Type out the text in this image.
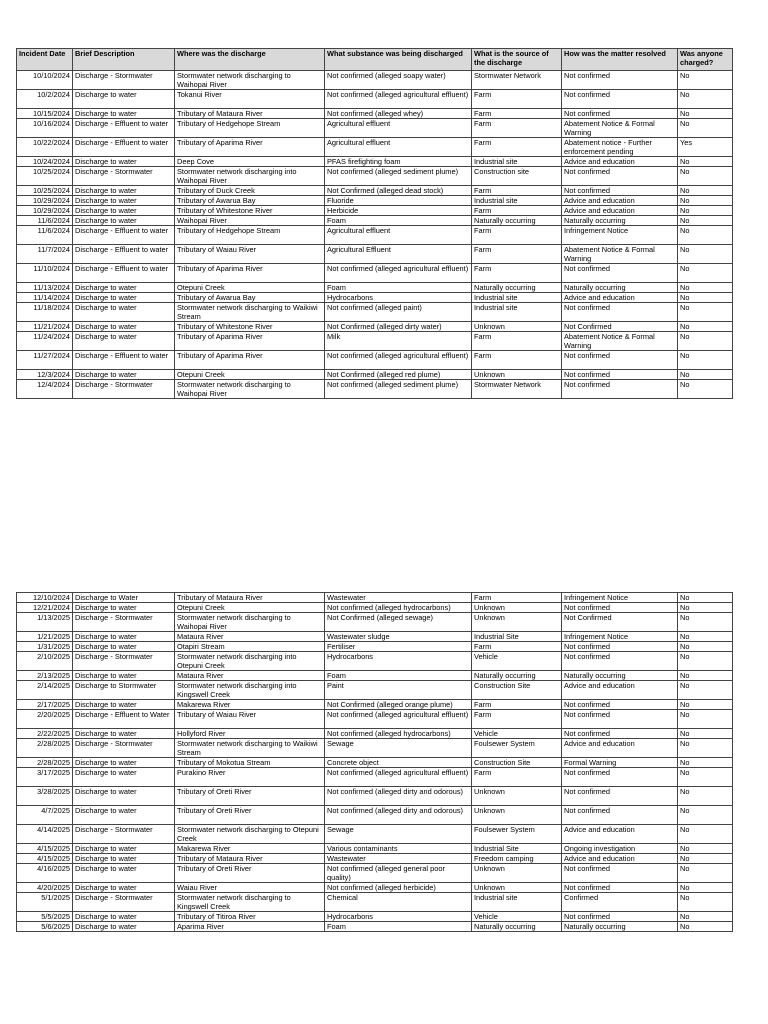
Incident Date	Brief Description	Where was the discharge	What substance was being discharged	What is the source of the discharge	How was the matter resolved	Was anyone charged?
10/10/2024	Discharge - Stormwater	Stormwater network discharging to Waihopai River	Not confirmed (alleged soapy water)	Stormwater Network	Not confirmed	No
10/2/2024	Discharge to water	Tokanui River	Not confirmed (alleged agricultural effluent)	Farm	Not confirmed	No
10/15/2024	Discharge to water	Tributary of Mataura River	Not confirmed (alleged whey)	Farm	Not confirmed	No
10/16/2024	Discharge - Effluent to water	Tributary of Hedgehope Stream	Agricultural effluent	Farm	Abatement Notice & Formal Warning	No
10/22/2024	Discharge - Effluent to water	Tributary of Aparima River	Agricultural effluent	Farm	Abatement notice - Further enforcement pending	Yes
10/24/2024	Discharge to water	Deep Cove	PFAS firefighting foam	Industrial site	Advice and education	No
10/25/2024	Discharge - Stormwater	Stormwater network discharging into Waihopai River	Not confirmed (alleged sediment plume)	Construction site	Not confirmed	No
10/25/2024	Discharge to water	Tributary of Duck Creek	Not Confirmed (alleged dead stock)	Farm	Not confirmed	No
10/29/2024	Discharge to water	Tributary of Awarua Bay	Fluoride	Industrial site	Advice and education	No
10/29/2024	Discharge to water	Tributary of Whitestone River	Herbicide	Farm	Advice and education	No
11/6/2024	Discharge to water	Waihopai River	Foam	Naturally occurring	Naturally occurring	No
11/6/2024	Discharge - Effluent to water	Tributary of Hedgehope Stream	Agricultural effluent	Farm	Infringement Notice	No
11/7/2024	Discharge - Effluent to water	Tributary of Waiau River	Agricultural Effluent	Farm	Abatement Notice & Formal Warning	No
11/10/2024	Discharge - Effluent to water	Tributary of Aparima River	Not confirmed (alleged agricultural effluent)	Farm	Not confirmed	No
11/13/2024	Discharge to water	Otepuni Creek	Foam	Naturally occurring	Naturally occurring	No
11/14/2024	Discharge to water	Tributary of Awarua Bay	Hydrocarbons	Industrial site	Advice and education	No
11/18/2024	Discharge to water	Stormwater network discharging to Waikiwi Stream	Not confirmed (alleged paint)	Industrial site	Not confirmed	No
11/21/2024	Discharge to water	Tributary of Whitestone River	Not Confirmed (alleged dirty water)	Unknown	Not Confirmed	No
11/24/2024	Discharge to water	Tributary of Aparima River	Milk	Farm	Abatement Notice & Formal Warning	No
11/27/2024	Discharge - Effluent to water	Tributary of Aparima River	Not confirmed (alleged agricultural effluent)	Farm	Not confirmed	No
12/3/2024	Discharge to water	Otepuni Creek	Not Confirmed (alleged red plume)	Unknown	Not confirmed	No
12/4/2024	Discharge - Stormwater	Stormwater network discharging to Waihopai River	Not confirmed (alleged sediment plume)	Stormwater Network	Not confirmed	No
12/10/2024	Discharge to Water	Tributary of Mataura River	Wastewater	Farm	Infringement Notice	No
12/21/2024	Discharge to water	Otepuni Creek	Not confirmed (alleged hydrocarbons)	Unknown	Not confirmed	No
1/13/2025	Discharge - Stormwater	Stormwater network discharging to Waihopai River	Not Confirmed (alleged sewage)	Unknown	Not Confirmed	No
1/21/2025	Discharge to water	Mataura River	Wastewater sludge	Industrial Site	Infringement Notice	No
1/31/2025	Discharge to water	Otapiri Stream	Fertiliser	Farm	Not confirmed	No
2/10/2025	Discharge - Stormwater	Stormwater network discharging into Otepuni Creek	Hydrocarbons	Vehicle	Not confirmed	No
2/13/2025	Discharge to water	Mataura River	Foam	Naturally occurring	Naturally occurring	No
2/14/2025	Discharge to Stormwater	Stormwater network discharging into Kingswell Creek	Paint	Construction Site	Advice and education	No
2/17/2025	Discharge to water	Makarewa River	Not Confirmed (alleged orange plume)	Farm	Not confirmed	No
2/20/2025	Discharge - Effluent to Water	Tributary of Waiau River	Not confirmed (alleged agricultural effluent)	Farm	Not confirmed	No
2/22/2025	Discharge to water	Hollyford River	Not confirmed (alleged hydrocarbons)	Vehicle	Not confirmed	No
2/28/2025	Discharge - Stormwater	Stormwater network discharging to Waikiwi Stream	Sewage	Foulsewer System	Advice and education	No
2/28/2025	Discharge to water	Tributary of Mokotua Stream	Concrete object	Construction Site	Formal Warning	No
3/17/2025	Discharge to water	Purakino River	Not confirmed (alleged agricultural effluent)	Farm	Not confirmed	No
3/28/2025	Discharge to water	Tributary of Oreti River	Not confirmed (alleged dirty and odorous)	Unknown	Not confirmed	No
4/7/2025	Discharge to water	Tributary of Oreti River	Not confirmed (alleged dirty and odorous)	Unknown	Not confirmed	No
4/14/2025	Discharge - Stormwater	Stormwater network discharging to Otepuni Creek	Sewage	Foulsewer System	Advice and education	No
4/15/2025	Discharge to water	Makarewa River	Various contaminants	Industrial Site	Ongoing investigation	No
4/15/2025	Discharge to water	Tributary of Mataura River	Wastewater	Freedom camping	Advice and education	No
4/16/2025	Discharge to water	Tributary of Oreti River	Not confirmed (alleged general poor quality)	Unknown	Not confirmed	No
4/20/2025	Discharge to water	Waiau River	Not confirmed (alleged herbicide)	Unknown	Not confirmed	No
5/1/2025	Discharge - Stormwater	Stormwater network discharging to Kingswell Creek	Chemical	Industrial site	Confirmed	No
5/5/2025	Discharge to water	Tributary of Titiroa River	Hydrocarbons	Vehicle	Not confirmed	No
5/6/2025	Discharge to water	Aparima River	Foam	Naturally occurring	Naturally occurring	No
